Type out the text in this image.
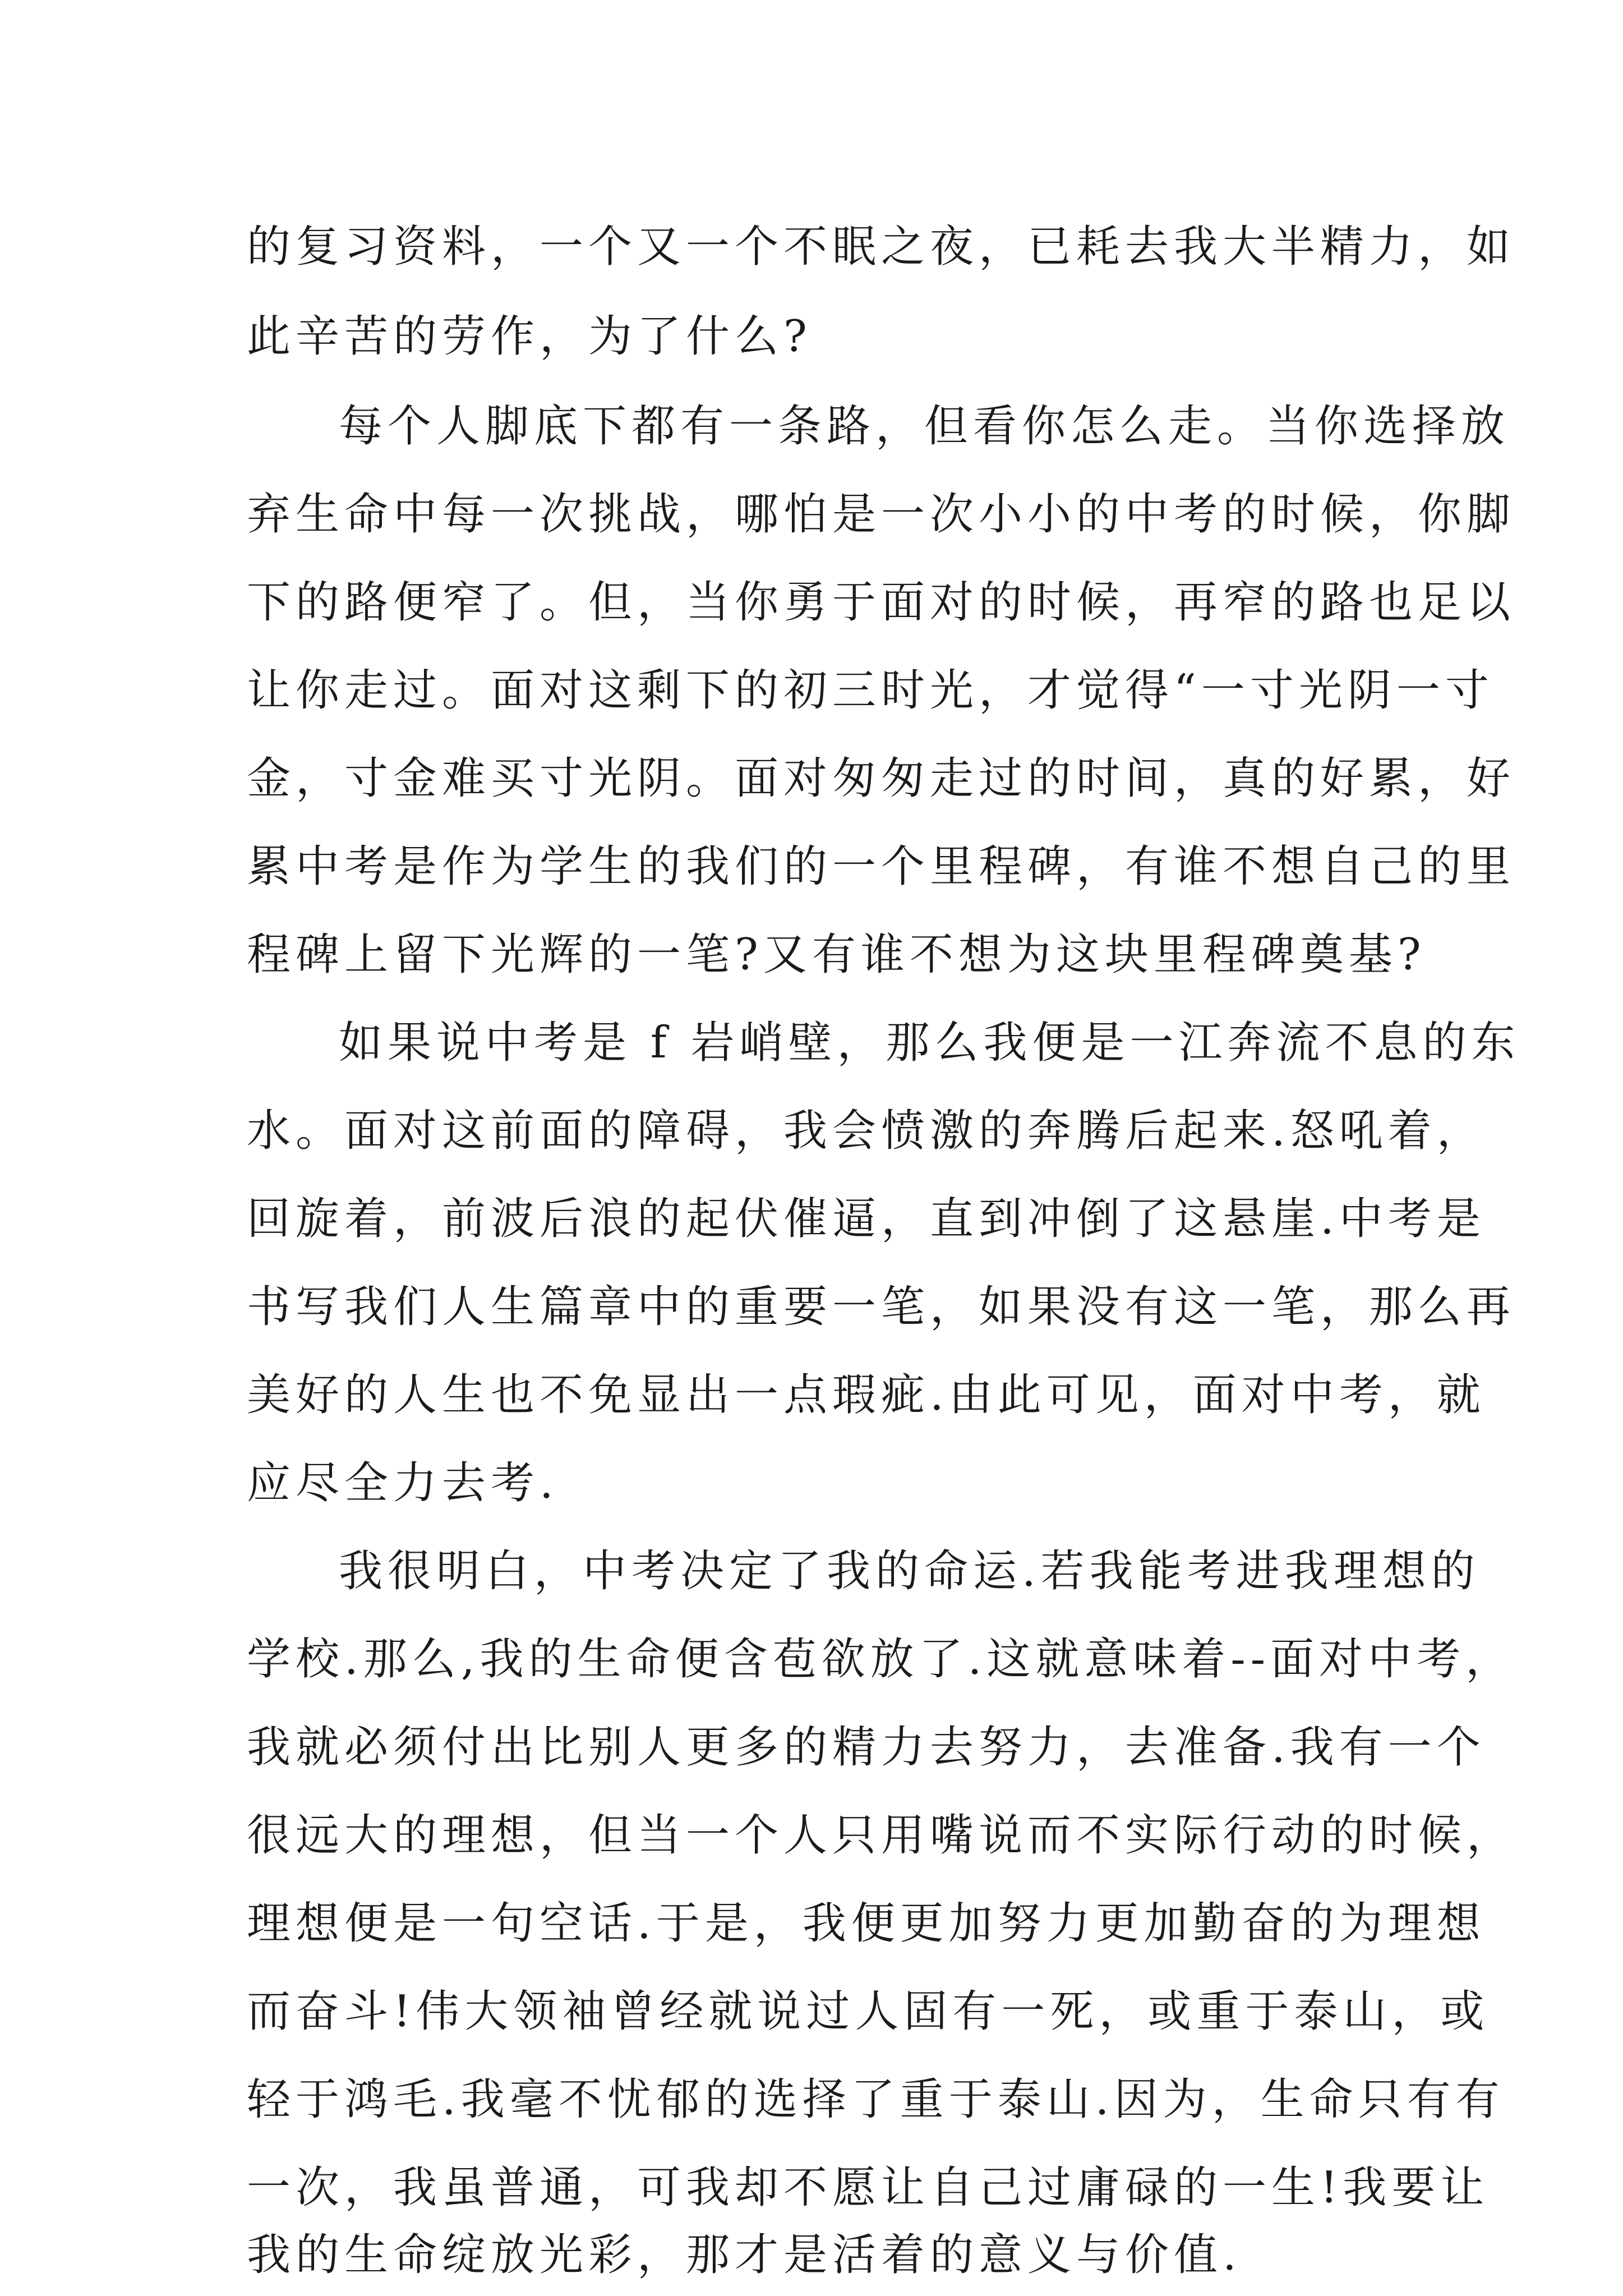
的复习资料，一个又一个不眠之夜，已耗去我大半精力，如
此辛苦的劳作，为了什么?
每个人脚底下都有一条路，但看你怎么走。当你选择放
弃生命中每一次挑战，哪怕是一次小小的中考的时候，你脚
下的路便窄了。但，当你勇于面对的时候，再窄的路也足以
让你走过。面对这剩下的初三时光，才觉得“一寸光阴一寸
金，寸金难买寸光阴。面对匆匆走过的时间，真的好累，好
累中考是作为学生的我们的一个里程碑，有谁不想自己的里
程碑上留下光辉的一笔?又有谁不想为这块里程碑奠基?
如果说中考是 f 岩峭壁，那么我便是一江奔流不息的东
水。面对这前面的障碍，我会愤激的奔腾后起来.怒吼着，
回旋着，前波后浪的起伏催逼，直到冲倒了这悬崖.中考是
书写我们人生篇章中的重要一笔，如果没有这一笔，那么再
美好的人生也不免显出一点瑕疵.由此可见，面对中考，就
应尽全力去考.
我很明白，中考决定了我的命运.若我能考进我理想的
学校.那么,我的生命便含苞欲放了.这就意味着--面对中考，
我就必须付出比别人更多的精力去努力，去准备.我有一个
很远大的理想，但当一个人只用嘴说而不实际行动的时候，
理想便是一句空话.于是，我便更加努力更加勤奋的为理想
而奋斗!伟大领袖曾经就说过人固有一死，或重于泰山，或
轻于鸿毛.我毫不忧郁的选择了重于泰山.因为，生命只有有
一次，我虽普通，可我却不愿让自己过庸碌的一生!我要让
我的生命绽放光彩，那才是活着的意义与价值.
